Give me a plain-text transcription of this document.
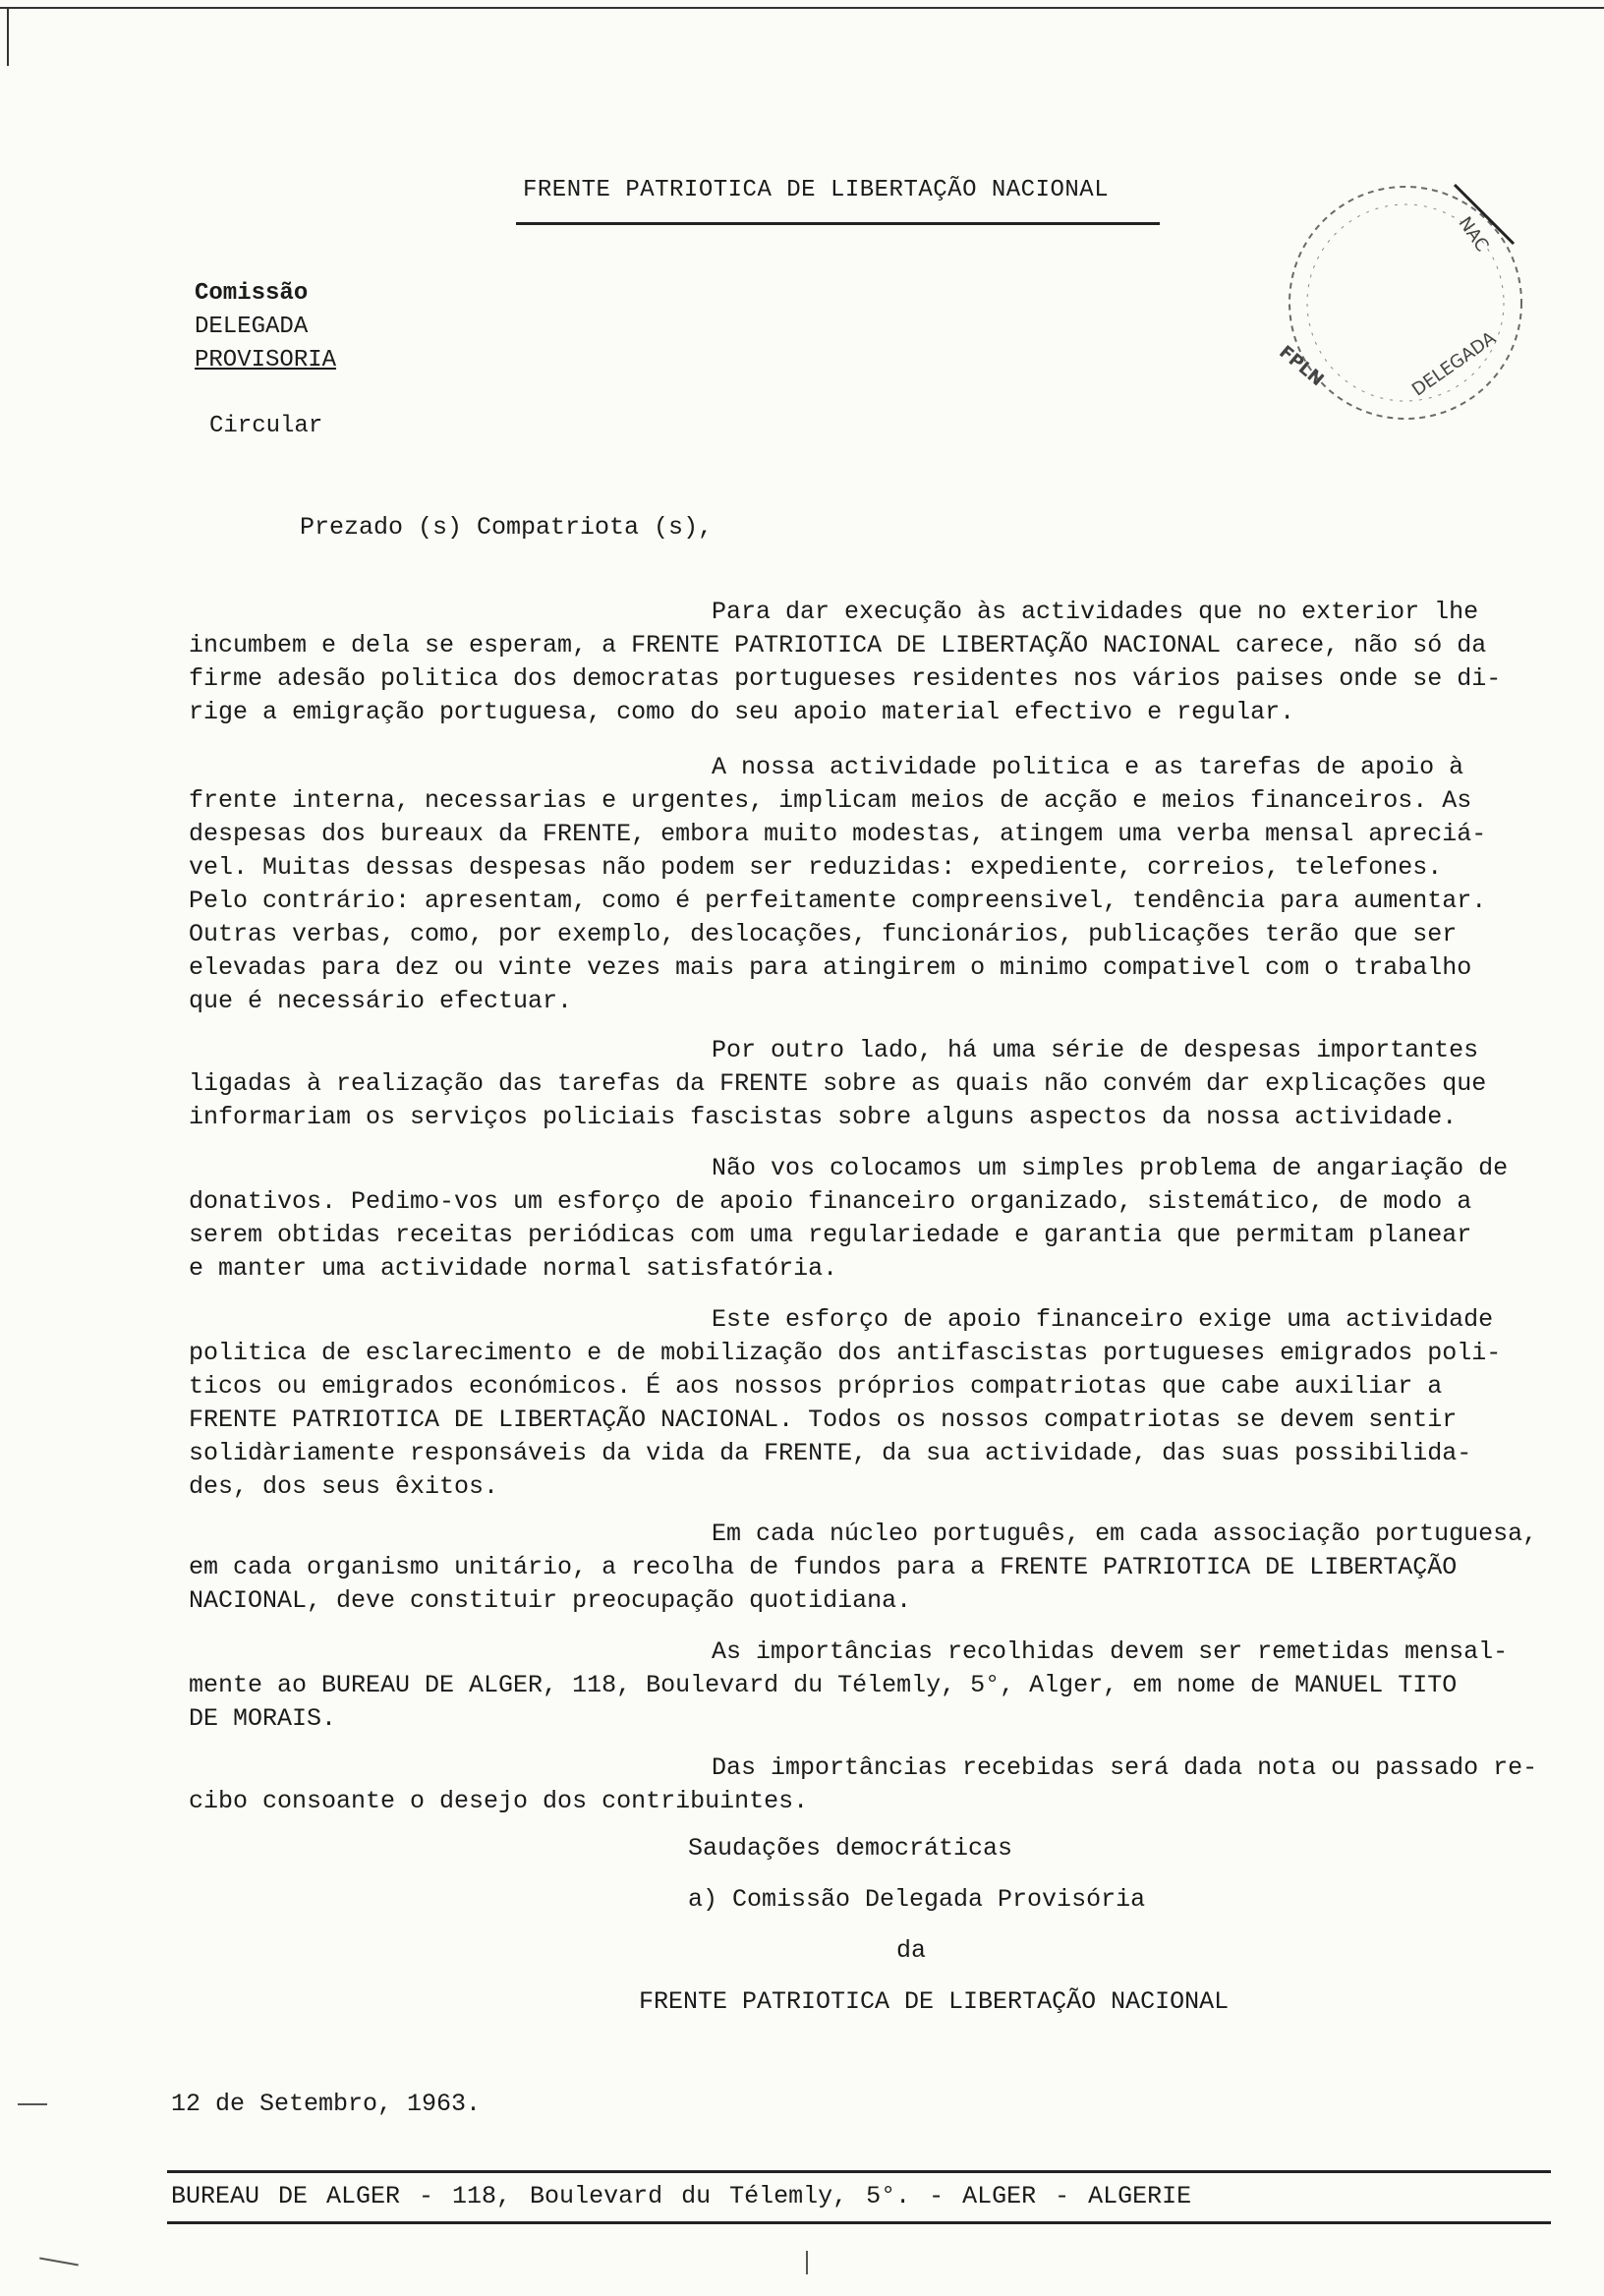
FRENTE PATRIOTICA DE LIBERTAÇÃO NACIONAL
NAC
DELEGADA
FPLN
Comissão
DELEGADA
PROVISORIA
Circular
Prezado (s) Compatriota (s),

Para dar execução às actividades que no exterior lhe
incumbem e dela se esperam, a FRENTE PATRIOTICA DE LIBERTAÇÃO NACIONAL carece, não só da
firme adesão politica dos democratas portugueses residentes nos vários paises onde se di-
rige a emigração portuguesa, como do seu apoio material efectivo e regular.

A nossa actividade politica e as tarefas de apoio à
frente interna, necessarias e urgentes, implicam meios de acção e meios financeiros. As
despesas dos bureaux da FRENTE, embora muito modestas, atingem uma verba mensal apreciá-
vel. Muitas dessas despesas não podem ser reduzidas: expediente, correios, telefones.
Pelo contrário: apresentam, como é perfeitamente compreensivel, tendência para aumentar.
Outras verbas, como, por exemplo, deslocações, funcionários, publicações terão que ser
elevadas para dez ou vinte vezes mais para atingirem o minimo compativel com o trabalho
que é necessário efectuar.

Por outro lado, há uma série de despesas importantes
ligadas à realização das tarefas da FRENTE sobre as quais não convém dar explicações que
informariam os serviços policiais fascistas sobre alguns aspectos da nossa actividade.

Não vos colocamos um simples problema de angariação de
donativos. Pedimo-vos um esforço de apoio financeiro organizado, sistemático, de modo a
serem obtidas receitas periódicas com uma regulariedade e garantia que permitam planear
e manter uma actividade normal satisfatória.

Este esforço de apoio financeiro exige uma actividade
politica de esclarecimento e de mobilização dos antifascistas portugueses emigrados poli-
ticos ou emigrados económicos. É aos nossos próprios compatriotas que cabe auxiliar a
FRENTE PATRIOTICA DE LIBERTAÇÃO NACIONAL. Todos os nossos compatriotas se devem sentir
solidàriamente responsáveis da vida da FRENTE, da sua actividade, das suas possibilida-
des, dos seus êxitos.

Em cada núcleo português, em cada associação portuguesa,
em cada organismo unitário, a recolha de fundos para a FRENTE PATRIOTICA DE LIBERTAÇÃO
NACIONAL, deve constituir preocupação quotidiana.

As importâncias recolhidas devem ser remetidas mensal-
mente ao BUREAU DE ALGER, 118, Boulevard du Télemly, 5°, Alger, em nome de MANUEL TITO
DE MORAIS.

Das importâncias recebidas será dada nota ou passado re-
cibo consoante o desejo dos contribuintes.

Saudações democráticas
a) Comissão Delegada Provisória
da
FRENTE PATRIOTICA DE LIBERTAÇÃO NACIONAL
12 de Setembro, 1963.
BUREAU DE ALGER - 118, Boulevard du Télemly, 5°. - ALGER - ALGERIE
